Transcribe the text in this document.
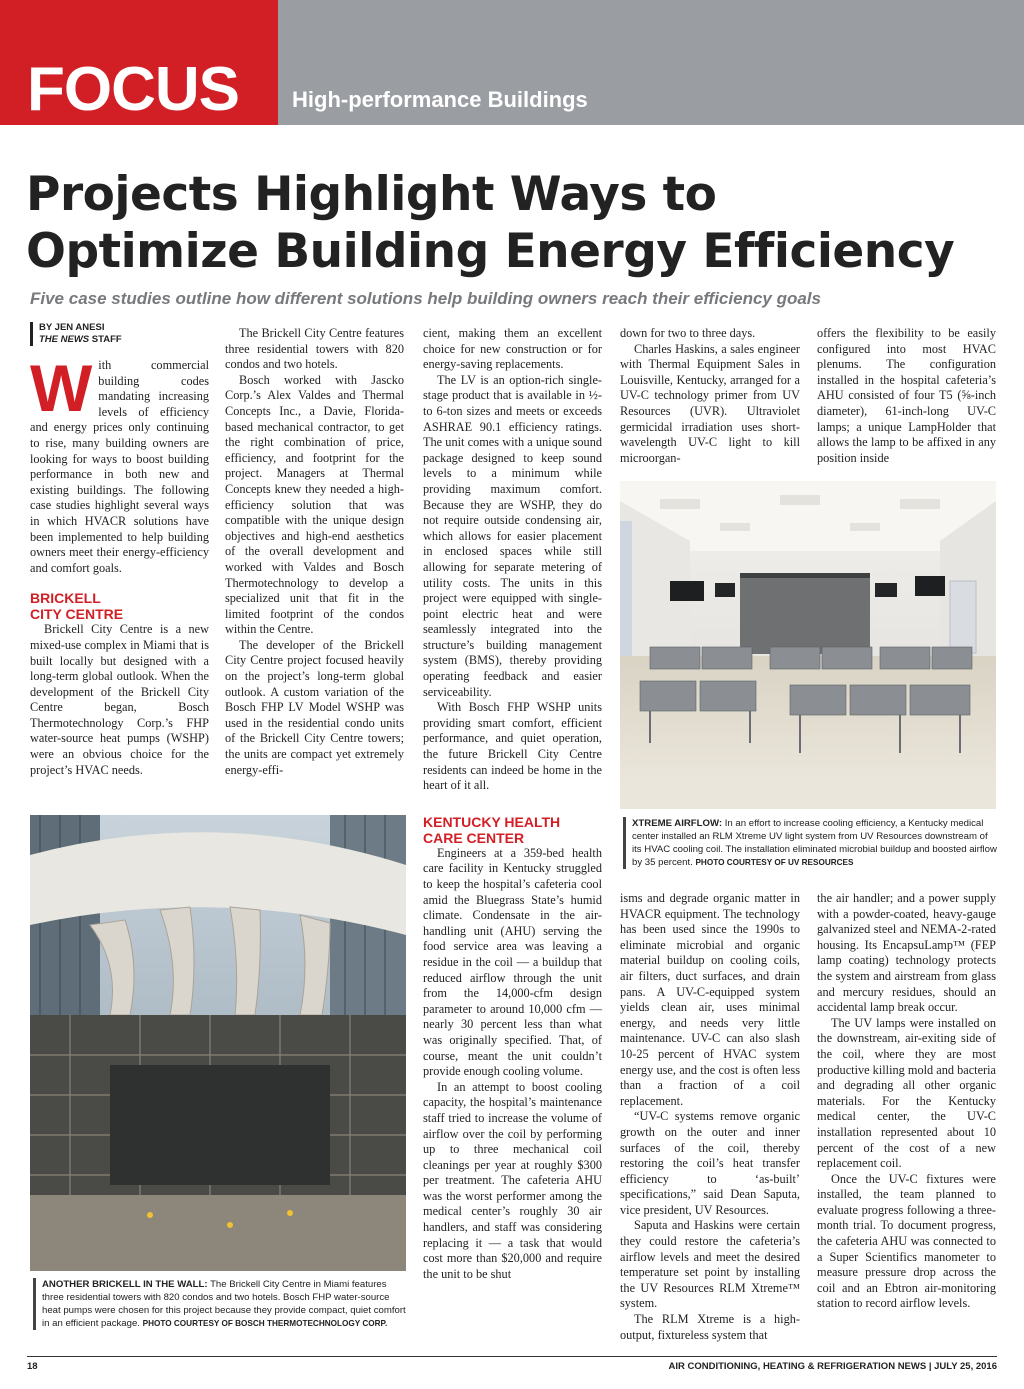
FOCUS High-performance Buildings
Projects Highlight Ways to
Optimize Building Energy Efficiency
Five case studies outline how different solutions help building owners reach their efficiency goals
BY JEN ANESI
THE NEWS STAFF

With commercial building codes mandating increasing levels of efficiency and energy prices only continuing to rise, many building owners are looking for ways to boost building performance in both new and existing buildings. The following case studies highlight several ways in which HVACR solutions have been implemented to help building owners meet their energy-efficiency and comfort goals.

BRICKELL
CITY CENTRE

Brickell City Centre is a new mixed-use complex in Miami that is built locally but designed with a long-term global outlook. When the development of the Brickell City Centre began, Bosch Thermotechnology Corp.’s FHP water-source heat pumps (WSHP) were an obvious choice for the project’s HVAC needs.

The Brickell City Centre features three residential towers with 820 condos and two hotels.

Bosch worked with Jascko Corp.’s Alex Valdes and Thermal Concepts Inc., a Davie, Florida-based mechanical contractor, to get the right combination of price, efficiency, and footprint for the project. Managers at Thermal Concepts knew they needed a high-efficiency solution that was compatible with the unique design objectives and high-end aesthetics of the overall development and worked with Valdes and Bosch Thermotechnology to develop a specialized unit that fit in the limited footprint of the condos within the Centre.

The developer of the Brickell City Centre project focused heavily on the project’s long-term global outlook. A custom variation of the Bosch FHP LV Model WSHP was used in the residential condo units of the Brickell City Centre towers; the units are compact yet extremely energy-effi-

cient, making them an excellent choice for new construction or for energy-saving replacements.

The LV is an option-rich single-stage product that is available in ½- to 6-ton sizes and meets or exceeds ASHRAE 90.1 efficiency ratings. The unit comes with a unique sound package designed to keep sound levels to a minimum while providing maximum comfort. Because they are WSHP, they do not require outside condensing air, which allows for easier placement in enclosed spaces while still allowing for separate metering of utility costs. The units in this project were equipped with single-point electric heat and were seamlessly integrated into the structure’s building management system (BMS), thereby providing operating feedback and easier serviceability.

With Bosch FHP WSHP units providing smart comfort, efficient performance, and quiet operation, the future Brickell City Centre residents can indeed be home in the heart of it all.

KENTUCKY HEALTH
CARE CENTER

Engineers at a 359-bed health care facility in Kentucky struggled to keep the hospital’s cafeteria cool amid the Bluegrass State’s humid climate. Condensate in the air-handling unit (AHU) serving the food service area was leaving a residue in the coil — a buildup that reduced airflow through the unit from the 14,000-cfm design parameter to around 10,000 cfm — nearly 30 percent less than what was originally specified. That, of course, meant the unit couldn’t provide enough cooling volume.

In an attempt to boost cooling capacity, the hospital’s maintenance staff tried to increase the volume of airflow over the coil by performing up to three mechanical coil cleanings per year at roughly $300 per treatment. The cafeteria AHU was the worst performer among the medical center’s roughly 30 air handlers, and staff was considering replacing it — a task that would cost more than $20,000 and require the unit to be shut

down for two to three days.

Charles Haskins, a sales engineer with Thermal Equipment Sales in Louisville, Kentucky, arranged for a UV-C technology primer from UV Resources (UVR). Ultraviolet germicidal irradiation uses short-wavelength UV-C light to kill microorgan-

offers the flexibility to be easily configured into most HVAC plenums. The configuration installed in the hospital cafeteria’s AHU consisted of four T5 (⅝-inch diameter), 61-inch-long UV-C lamps; a unique LampHolder that allows the lamp to be affixed in any position inside

XTREME AIRFLOW: In an effort to increase cooling efficiency, a Kentucky medical center installed an RLM Xtreme UV light system from UV Resources downstream of its HVAC cooling coil. The installation eliminated microbial buildup and boosted airflow by 35 percent. PHOTO COURTESY OF UV RESOURCES

isms and degrade organic matter in HVACR equipment. The technology has been used since the 1990s to eliminate microbial and organic material buildup on cooling coils, air filters, duct surfaces, and drain pans. A UV-C-equipped system yields clean air, uses minimal energy, and needs very little maintenance. UV-C can also slash 10-25 percent of HVAC system energy use, and the cost is often less than a fraction of a coil replacement.

“UV-C systems remove organic growth on the outer and inner surfaces of the coil, thereby restoring the coil’s heat transfer efficiency to ‘as-built’ specifications,” said Dean Saputa, vice president, UV Resources.

Saputa and Haskins were certain they could restore the cafeteria’s airflow levels and meet the desired temperature set point by installing the UV Resources RLM Xtreme™ system.

The RLM Xtreme is a high-output, fixtureless system that

the air handler; and a power supply with a powder-coated, heavy-gauge galvanized steel and NEMA-2-rated housing. Its EncapsuLamp™ (FEP lamp coating) technology protects the system and airstream from glass and mercury residues, should an accidental lamp break occur.

The UV lamps were installed on the downstream, air-exiting side of the coil, where they are most productive killing mold and bacteria and degrading all other organic materials. For the Kentucky medical center, the UV-C installation represented about 10 percent of the cost of a new replacement coil.

Once the UV-C fixtures were installed, the team planned to evaluate progress following a three-month trial. To document progress, the cafeteria AHU was connected to a Super Scientifics manometer to measure pressure drop across the coil and an Ebtron air-monitoring station to record airflow levels.

ANOTHER BRICKELL IN THE WALL: The Brickell City Centre in Miami features three residential towers with 820 condos and two hotels. Bosch FHP water-source heat pumps were chosen for this project because they provide compact, quiet comfort in an efficient package. PHOTO COURTESY OF BOSCH THERMOTECHNOLOGY CORP.
18	AIR CONDITIONING, HEATING & REFRIGERATION NEWS | JULY 25, 2016
